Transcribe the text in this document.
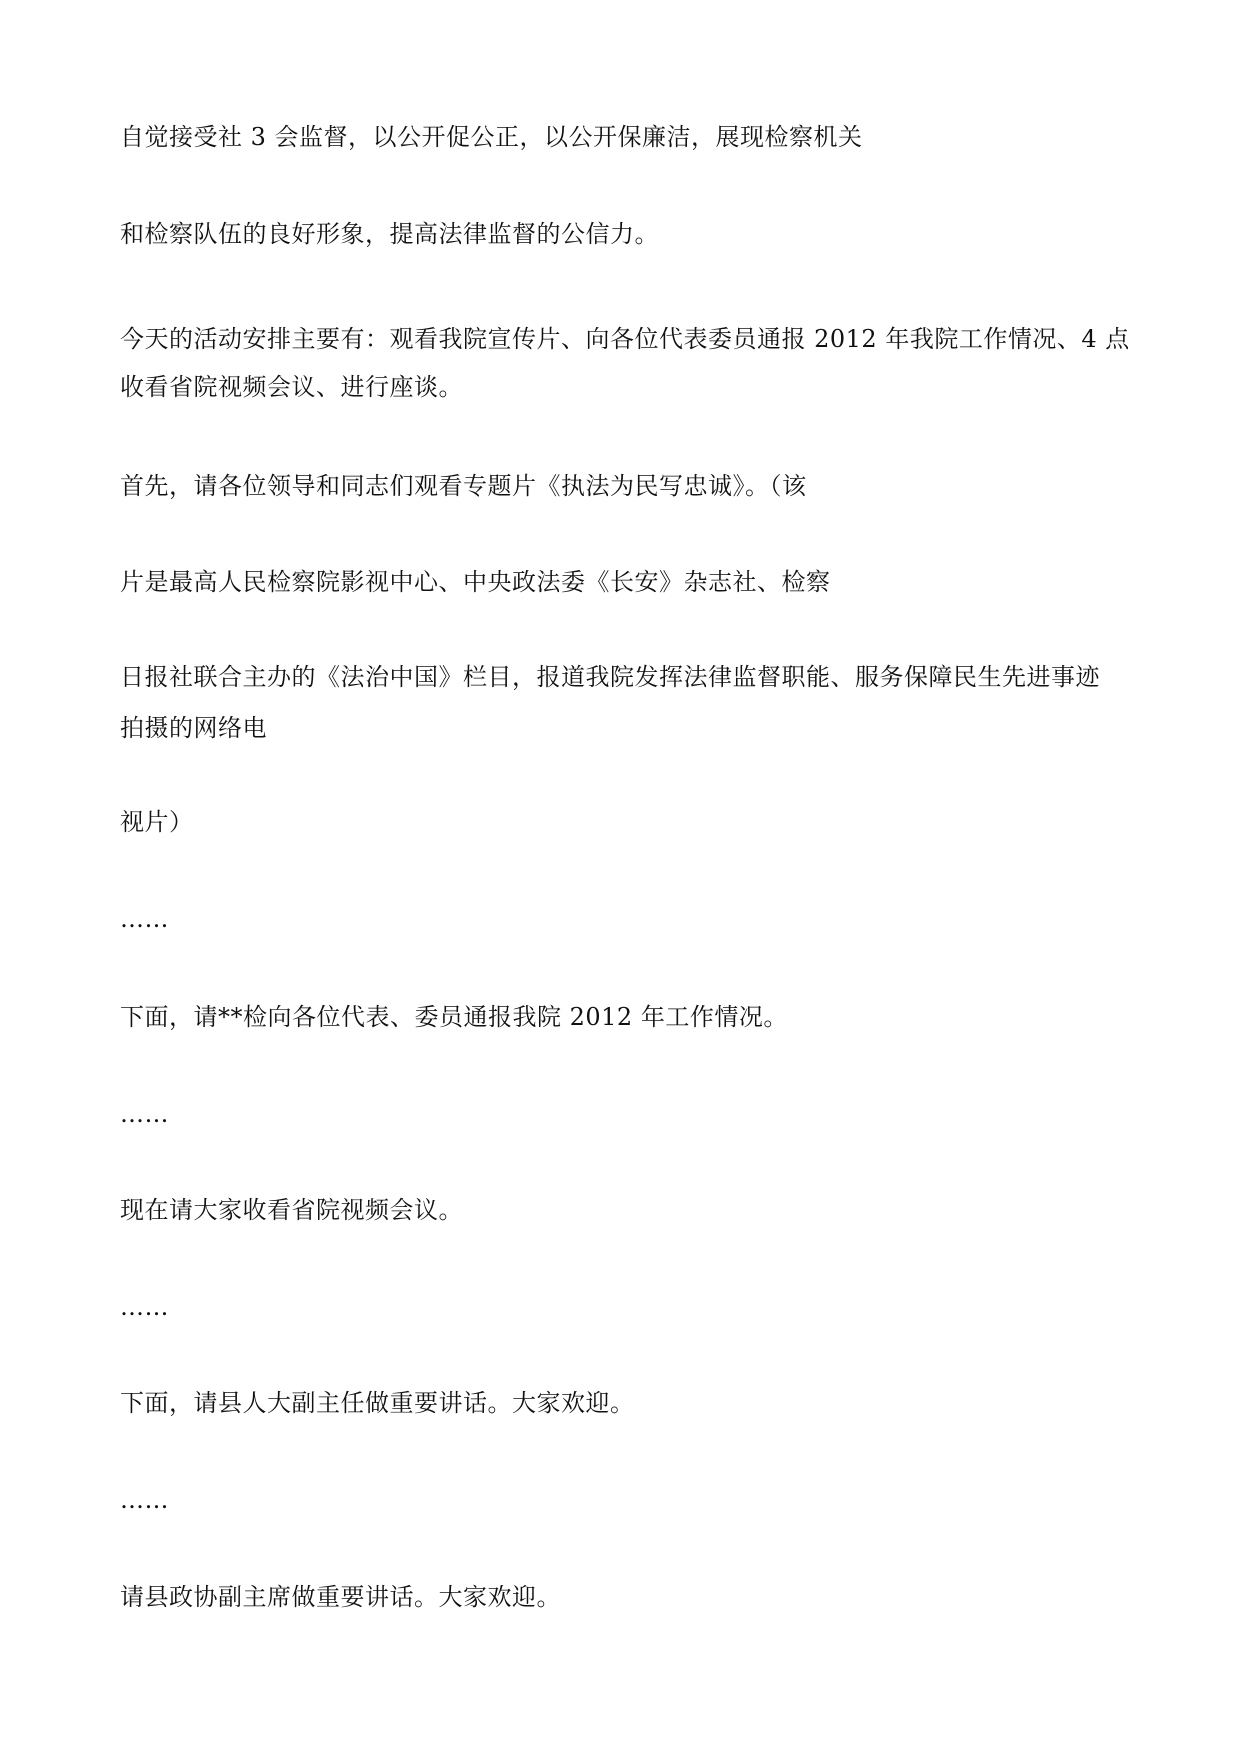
自觉接受社 3 会监督，以公开促公正，以公开保廉洁，展现检察机关
和检察队伍的良好形象，提高法律监督的公信力。
今天的活动安排主要有：观看我院宣传片、向各位代表委员通报 2012 年我院工作情况、4 点
收看省院视频会议、进行座谈。
首先，请各位领导和同志们观看专题片《执法为民写忠诚》。（该
片是最高人民检察院影视中心、中央政法委《长安》杂志社、检察
日报社联合主办的《法治中国》栏目，报道我院发挥法律监督职能、服务保障民生先进事迹
拍摄的网络电
视片）
……
下面，请**检向各位代表、委员通报我院 2012 年工作情况。
……
现在请大家收看省院视频会议。
……
下面，请县人大副主任做重要讲话。大家欢迎。
……
请县政协副主席做重要讲话。大家欢迎。
